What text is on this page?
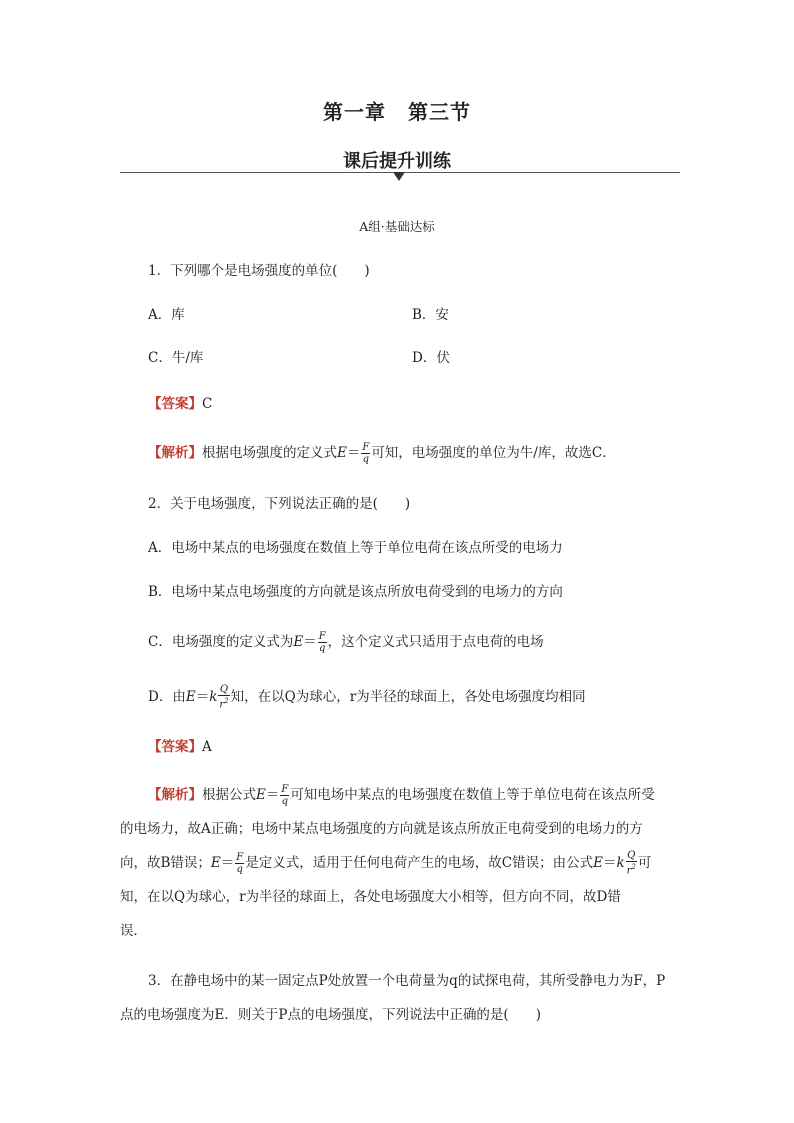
第一章 第三节
课后提升训练
A组·基础达标
1．下列哪个是电场强度的单位(　　)
A．库	B．安
C．牛/库	D．伏
【答案】C
【解析】根据电场强度的定义式$E= \frac{F}{q}$ 可知，电场强度的单位为牛/库，故选C．
2．关于电场强度，下列说法正确的是(　　)
A．电场中某点的电场强度在数值上等于单位电荷在该点所受的电场力
B．电场中某点电场强度的方向就是该点所放电荷受到的电场力的方向
C．电场强度的定义式为$E= \frac{F}{q}$ ，这个定义式只适用于点电荷的电场
D．由$E=k \frac{Q}{r^2}$ 知，在以Q为球心，r为半径的球面上，各处电场强度均相同
【答案】A
【解析】根据公式$E= \frac{F}{q}$ 可知电场中某点的电场强度在数值上等于单位电荷在该点所受
的电场力，故A正确；电场中某点电场强度的方向就是该点所放正电荷受到的电场力的方
向，故B错误；$E= \frac{F}{q}$ 是定义式，适用于任何电荷产生的电场，故C错误；由公式$E=k \frac{Q}{r^2}$ 可
知，在以Q为球心，r为半径的球面上，各处电场强度大小相等，但方向不同，故D错
误．
3．在静电场中的某一固定点P处放置一个电荷量为q的试探电荷，其所受静电力为F，P
点的电场强度为E．则关于P点的电场强度，下列说法中正确的是(　　)
